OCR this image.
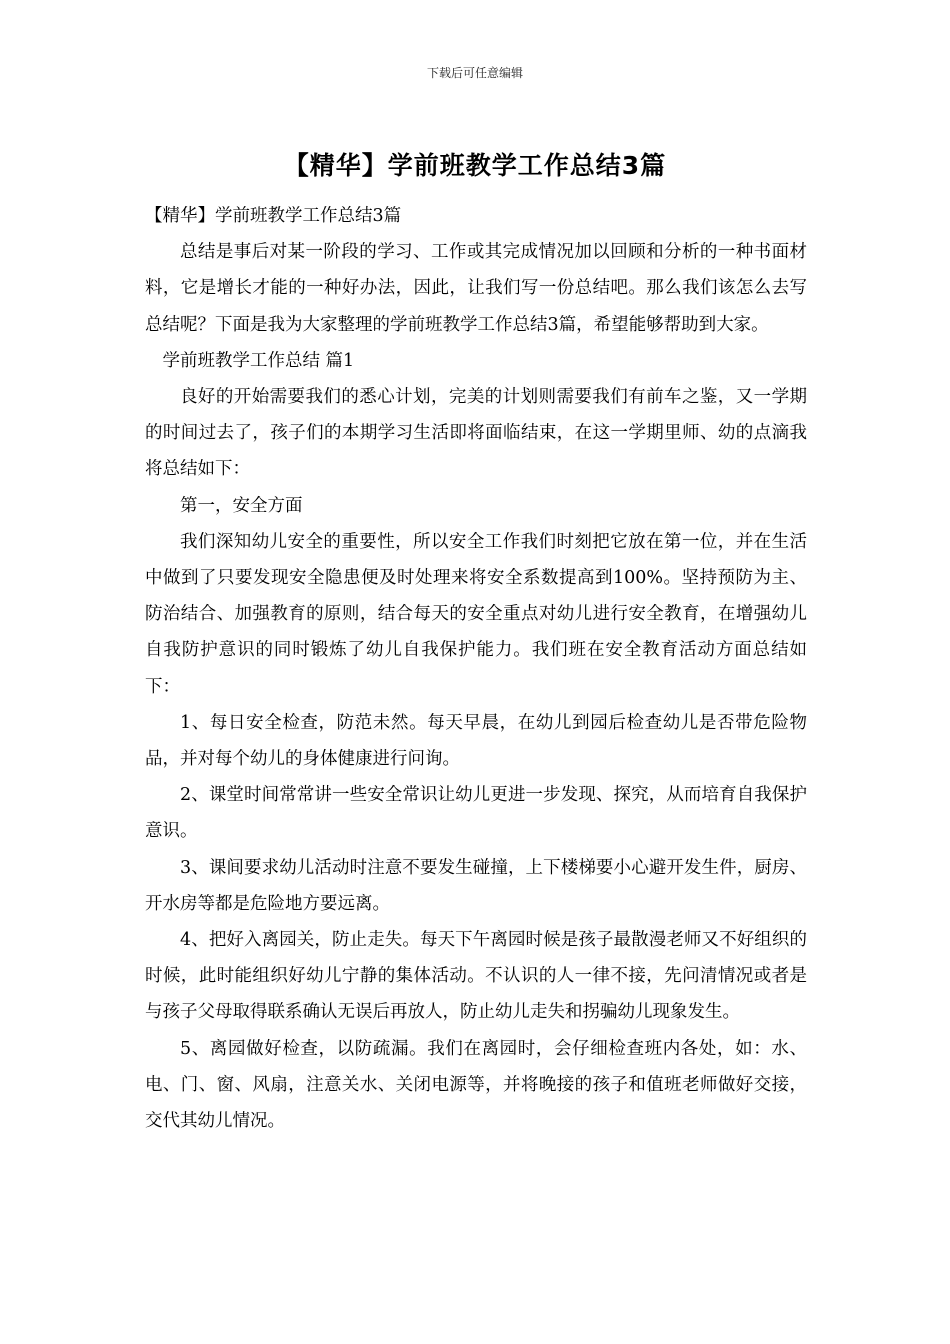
下载后可任意编辑
【精华】学前班教学工作总结3篇

【精华】学前班教学工作总结3篇

总结是事后对某一阶段的学习、工作或其完成情况加以回顾和分析的一种书面材料，它是增长才能的一种好办法，因此，让我们写一份总结吧。那么我们该怎么去写总结呢？下面是我为大家整理的学前班教学工作总结3篇，希望能够帮助到大家。

学前班教学工作总结 篇1

良好的开始需要我们的悉心计划，完美的计划则需要我们有前车之鉴，又一学期的时间过去了，孩子们的本期学习生活即将面临结束，在这一学期里师、幼的点滴我将总结如下：

第一，安全方面

我们深知幼儿安全的重要性，所以安全工作我们时刻把它放在第一位，并在生活中做到了只要发现安全隐患便及时处理来将安全系数提高到100%。坚持预防为主、防治结合、加强教育的原则，结合每天的安全重点对幼儿进行安全教育，在增强幼儿自我防护意识的同时锻炼了幼儿自我保护能力。我们班在安全教育活动方面总结如下：

1、每日安全检查，防范未然。每天早晨，在幼儿到园后检查幼儿是否带危险物品，并对每个幼儿的身体健康进行问询。

2、课堂时间常常讲一些安全常识让幼儿更进一步发现、探究，从而培育自我保护意识。

3、课间要求幼儿活动时注意不要发生碰撞，上下楼梯要小心避开发生件，厨房、开水房等都是危险地方要远离。

4、把好入离园关，防止走失。每天下午离园时候是孩子最散漫老师又不好组织的时候，此时能组织好幼儿宁静的集体活动。不认识的人一律不接，先问清情况或者是与孩子父母取得联系确认无误后再放人，防止幼儿走失和拐骗幼儿现象发生。

5、离园做好检查，以防疏漏。我们在离园时，会仔细检查班内各处，如：水、电、门、窗、风扇，注意关水、关闭电源等，并将晚接的孩子和值班老师做好交接，交代其幼儿情况。
